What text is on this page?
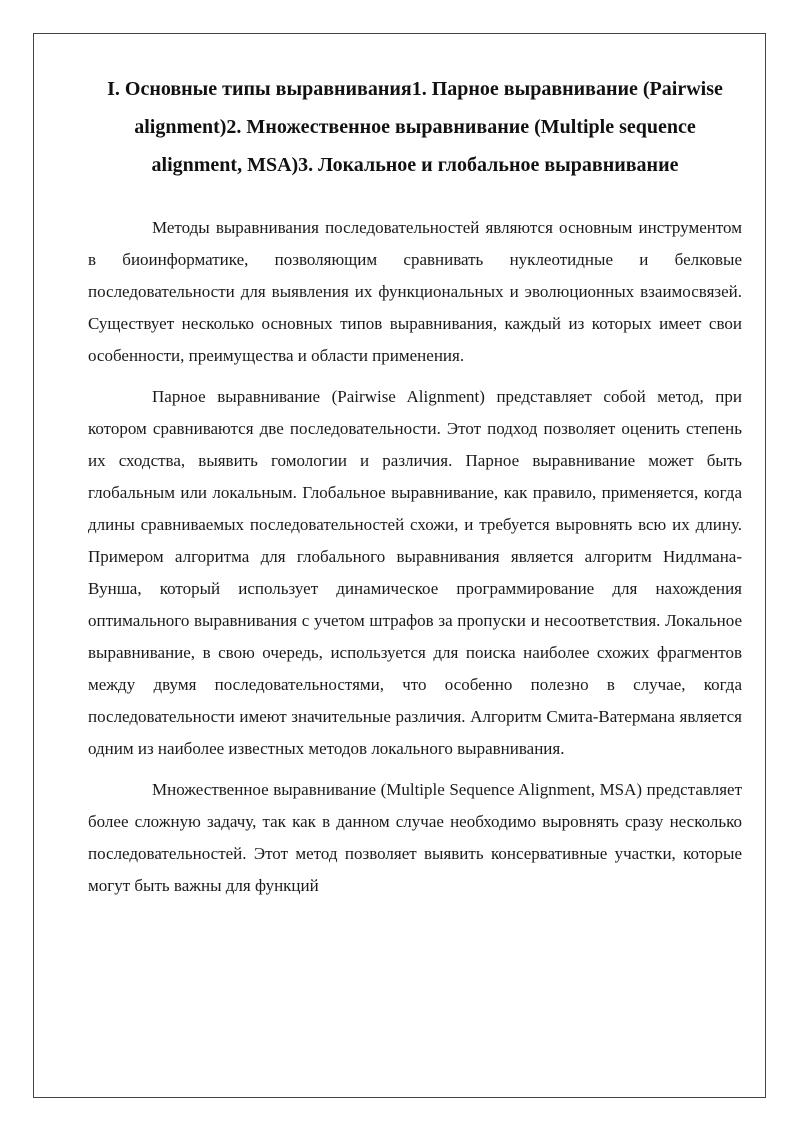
I. Основные типы выравнивания1. Парное выравнивание (Pairwise alignment)2. Множественное выравнивание (Multiple sequence alignment, MSA)3. Локальное и глобальное выравнивание

Методы выравнивания последовательностей являются основным инструментом в биоинформатике, позволяющим сравнивать нуклеотидные и белковые последовательности для выявления их функциональных и эволюционных взаимосвязей. Существует несколько основных типов выравнивания, каждый из которых имеет свои особенности, преимущества и области применения.

Парное выравнивание (Pairwise Alignment) представляет собой метод, при котором сравниваются две последовательности. Этот подход позволяет оценить степень их сходства, выявить гомологии и различия. Парное выравнивание может быть глобальным или локальным. Глобальное выравнивание, как правило, применяется, когда длины сравниваемых последовательностей схожи, и требуется выровнять всю их длину. Примером алгоритма для глобального выравнивания является алгоритм Нидлмана-Вунша, который использует динамическое программирование для нахождения оптимального выравнивания с учетом штрафов за пропуски и несоответствия. Локальное выравнивание, в свою очередь, используется для поиска наиболее схожих фрагментов между двумя последовательностями, что особенно полезно в случае, когда последовательности имеют значительные различия. Алгоритм Смита-Ватермана является одним из наиболее известных методов локального выравнивания.

Множественное выравнивание (Multiple Sequence Alignment, MSA) представляет более сложную задачу, так как в данном случае необходимо выровнять сразу несколько последовательностей. Этот метод позволяет выявить консервативные участки, которые могут быть важны для функций
